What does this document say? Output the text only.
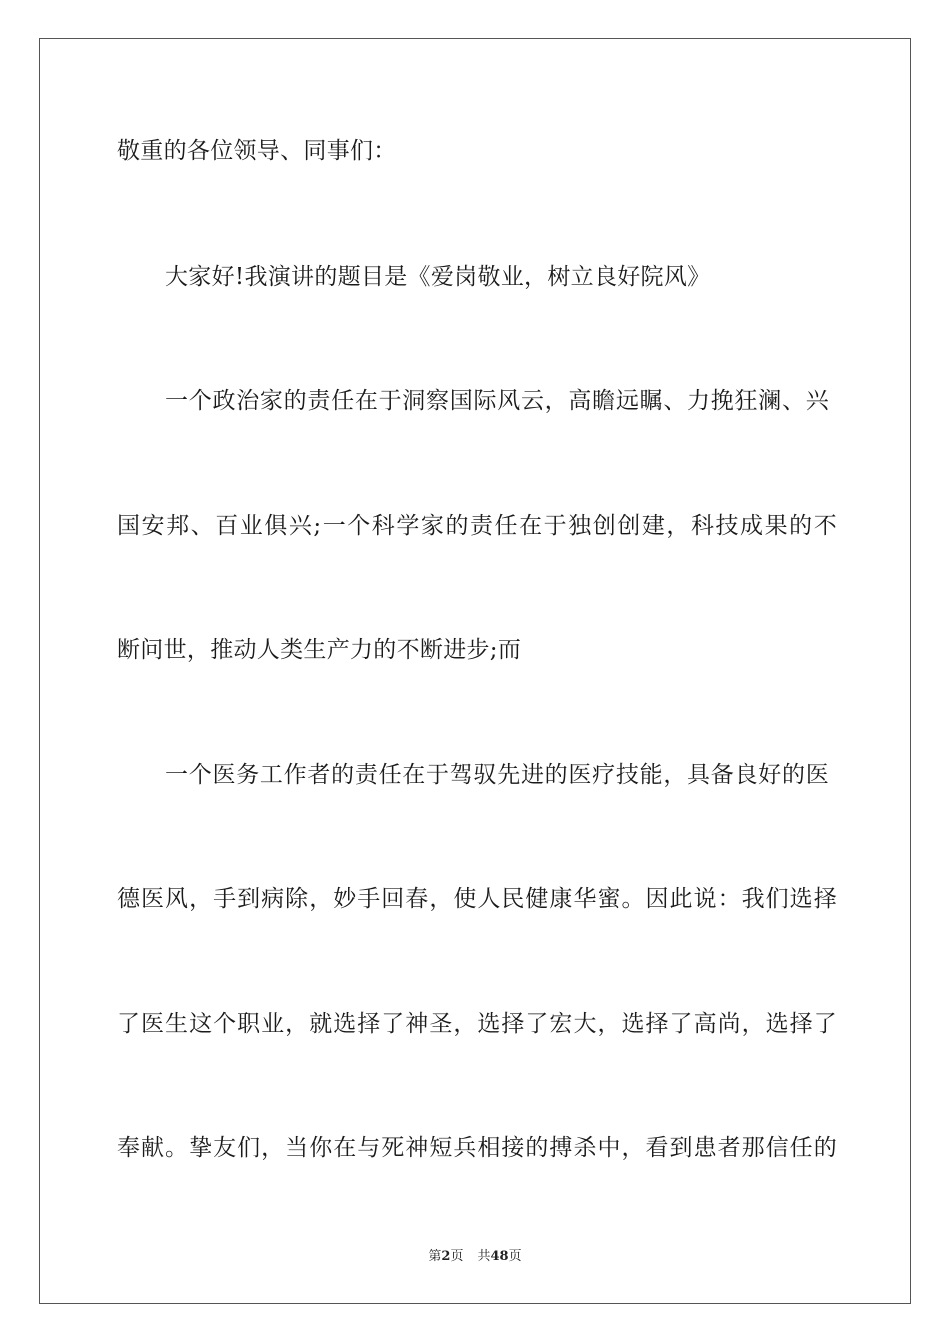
敬重的各位领导、同事们：
大家好!我演讲的题目是《爱岗敬业，树立良好院风》
一个政治家的责任在于洞察国际风云，高瞻远瞩、力挽狂澜、兴
国安邦、百业俱兴;一个科学家的责任在于独创创建，科技成果的不
断问世，推动人类生产力的不断进步;而
一个医务工作者的责任在于驾驭先进的医疗技能，具备良好的医
德医风，手到病除，妙手回春，使人民健康华蜜。因此说：我们选择
了医生这个职业，就选择了神圣，选择了宏大，选择了高尚，选择了
奉献。挚友们，当你在与死神短兵相接的搏杀中，看到患者那信任的
第2页 共48页
